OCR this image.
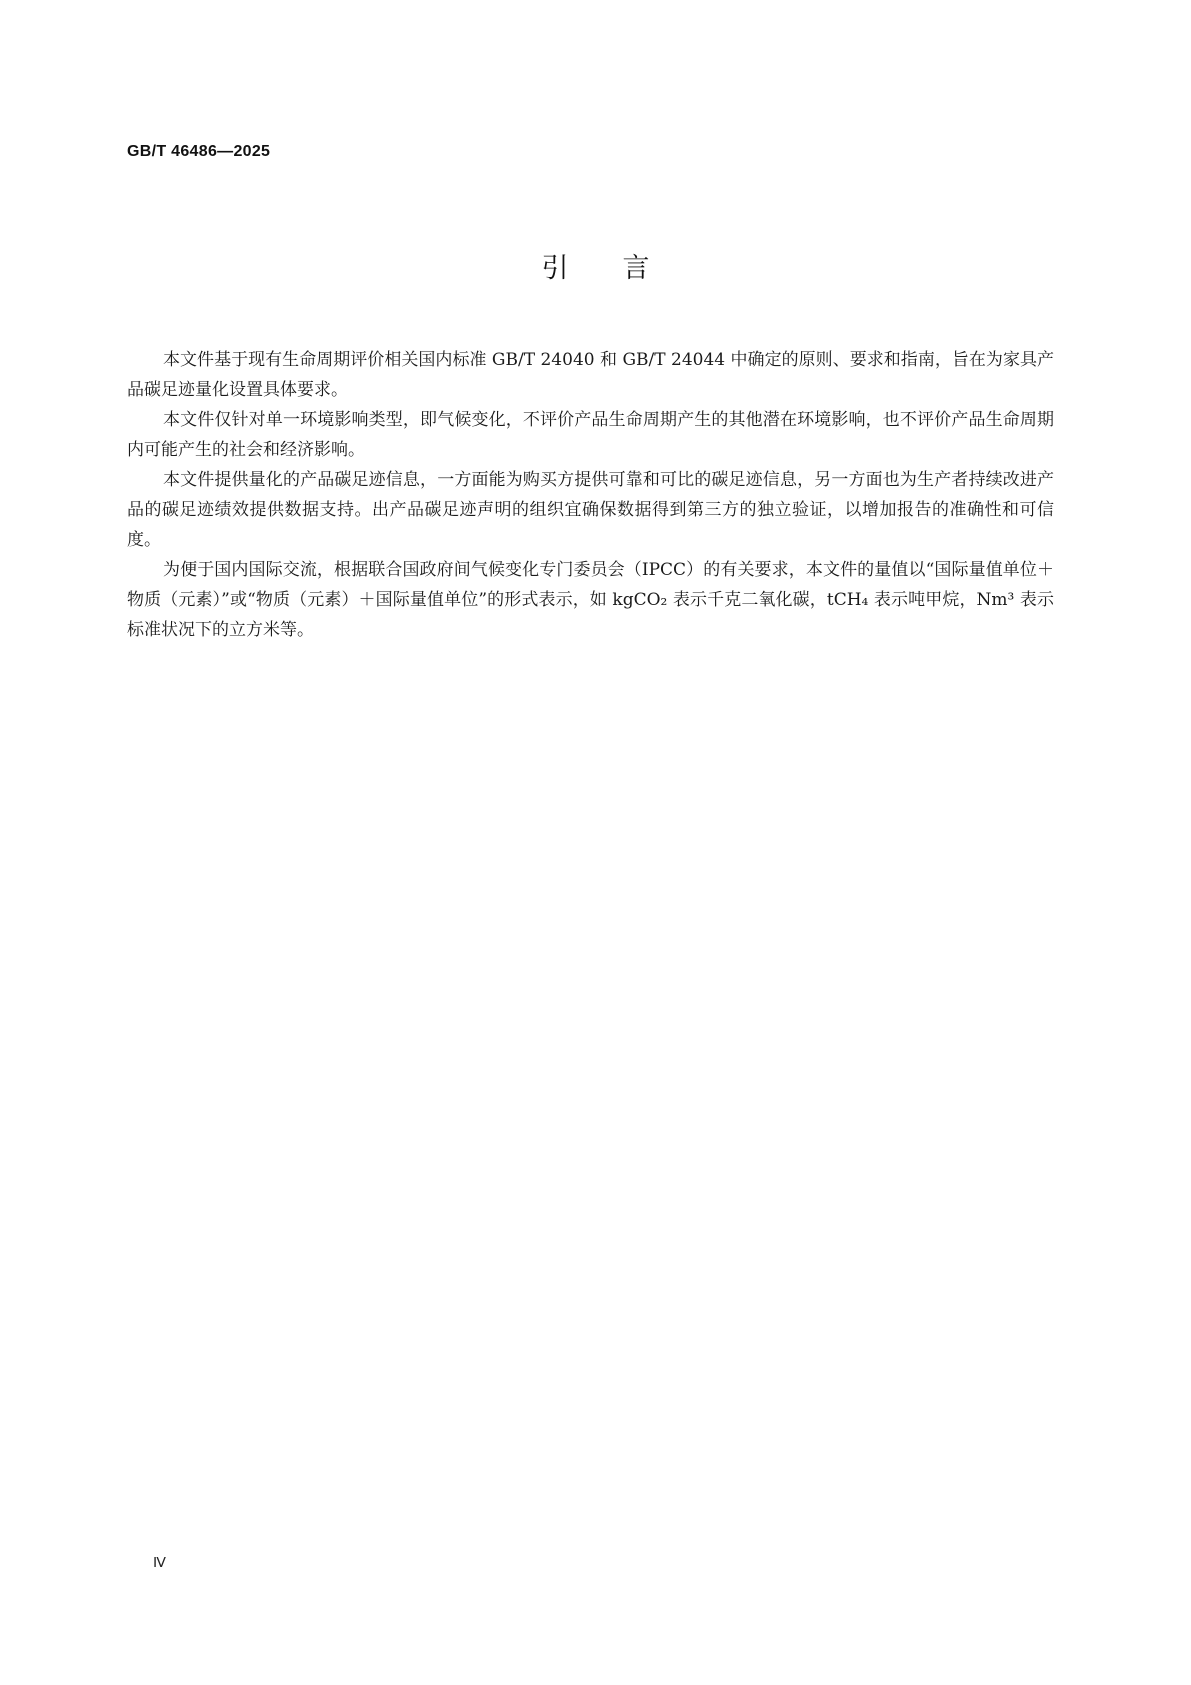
GB/T 46486—2025
引言

本文件基于现有生命周期评价相关国内标准 GB/T 24040 和 GB/T 24044 中确定的原则、要求和指南，旨在为家具产品碳足迹量化设置具体要求。

本文件仅针对单一环境影响类型，即气候变化，不评价产品生命周期产生的其他潜在环境影响，也不评价产品生命周期内可能产生的社会和经济影响。

本文件提供量化的产品碳足迹信息，一方面能为购买方提供可靠和可比的碳足迹信息，另一方面也为生产者持续改进产品的碳足迹绩效提供数据支持。出产品碳足迹声明的组织宜确保数据得到第三方的独立验证，以增加报告的准确性和可信度。

为便于国内国际交流，根据联合国政府间气候变化专门委员会（IPCC）的有关要求，本文件的量值以“国际量值单位＋物质（元素）”或“物质（元素）＋国际量值单位”的形式表示，如 kgCO₂ 表示千克二氧化碳，tCH₄ 表示吨甲烷，Nm³ 表示标准状况下的立方米等。

Ⅳ
